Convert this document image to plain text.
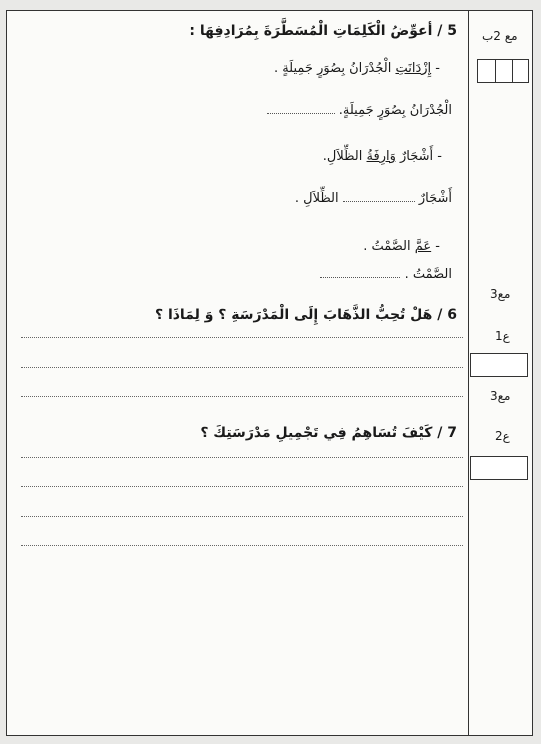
5 / أعوِّضُ الْكَلِمَاتِ الْمُسَطَّرَةَ بِمُرَادِفِهَا :
- إِزْدَانَتِ الْجُدْرَانُ بِصُوَرٍ جَمِيلَةٍ .
الْجُدْرَانُ بِصُوَرٍ جَمِيلَةٍ.
- أَشْجَارٌ وَارِفَةُ الظِّلاَلِ.
أَشْجَارٌ  الظِّلاَلِ .
- عَمَّ الصَّمْتُ .
الصَّمْتُ .
6 / هَلْ تُحِبُّ الذَّهَابَ إِلَى الْمَدْرَسَةِ ؟ وَ لِمَاذَا ؟
7 / كَيْفَ تُسَاهِمُ فِي تَجْمِيلِ مَدْرَسَتِكَ ؟
مع 2ب
مع3
ع1
مع3
ع2
